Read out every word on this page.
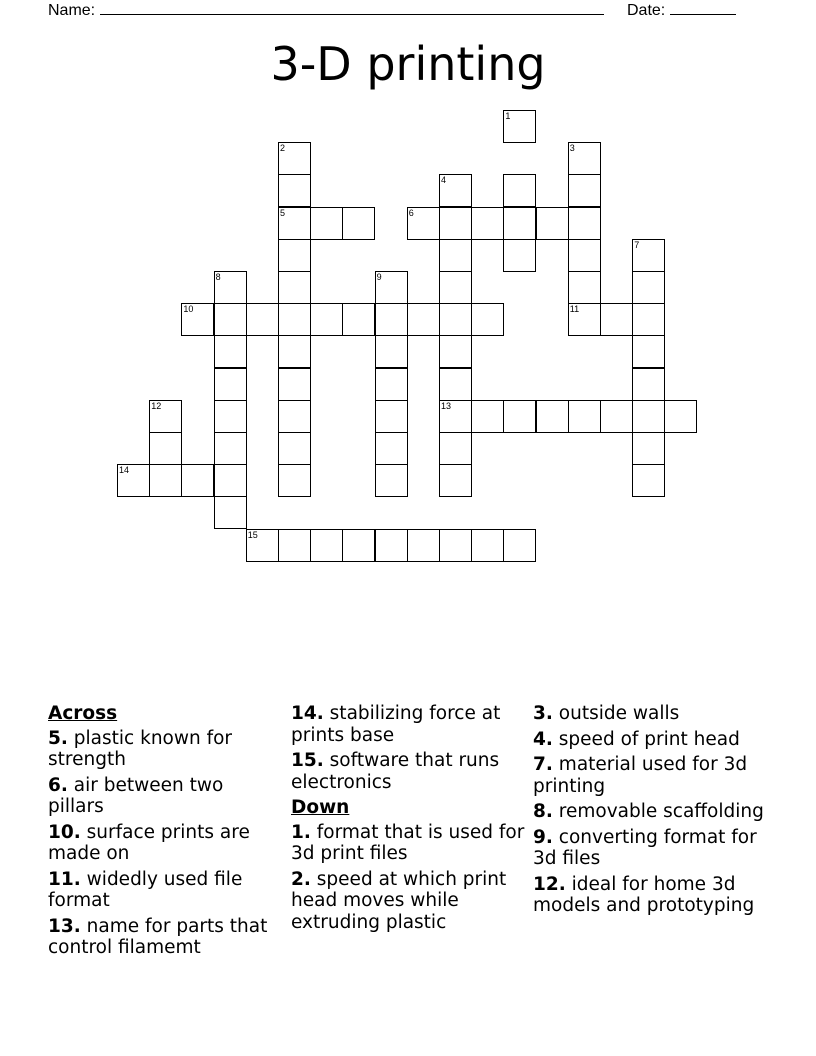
Name:	Date:
3-D printing
1
2	3
4
5	6
7
8	9
10	11
12	13
14
15
Across
5. plastic known for strength
6. air between two pillars
10. surface prints are made on
11. widedly used file format
13. name for parts that control filamemt
14. stabilizing force at prints base
15. software that runs electronics
Down
1. format that is used for 3d print files
2. speed at which print head moves while extruding plastic
3. outside walls
4. speed of print head
7. material used for 3d printing
8. removable scaffolding
9. converting format for 3d files
12. ideal for home 3d models and prototyping
